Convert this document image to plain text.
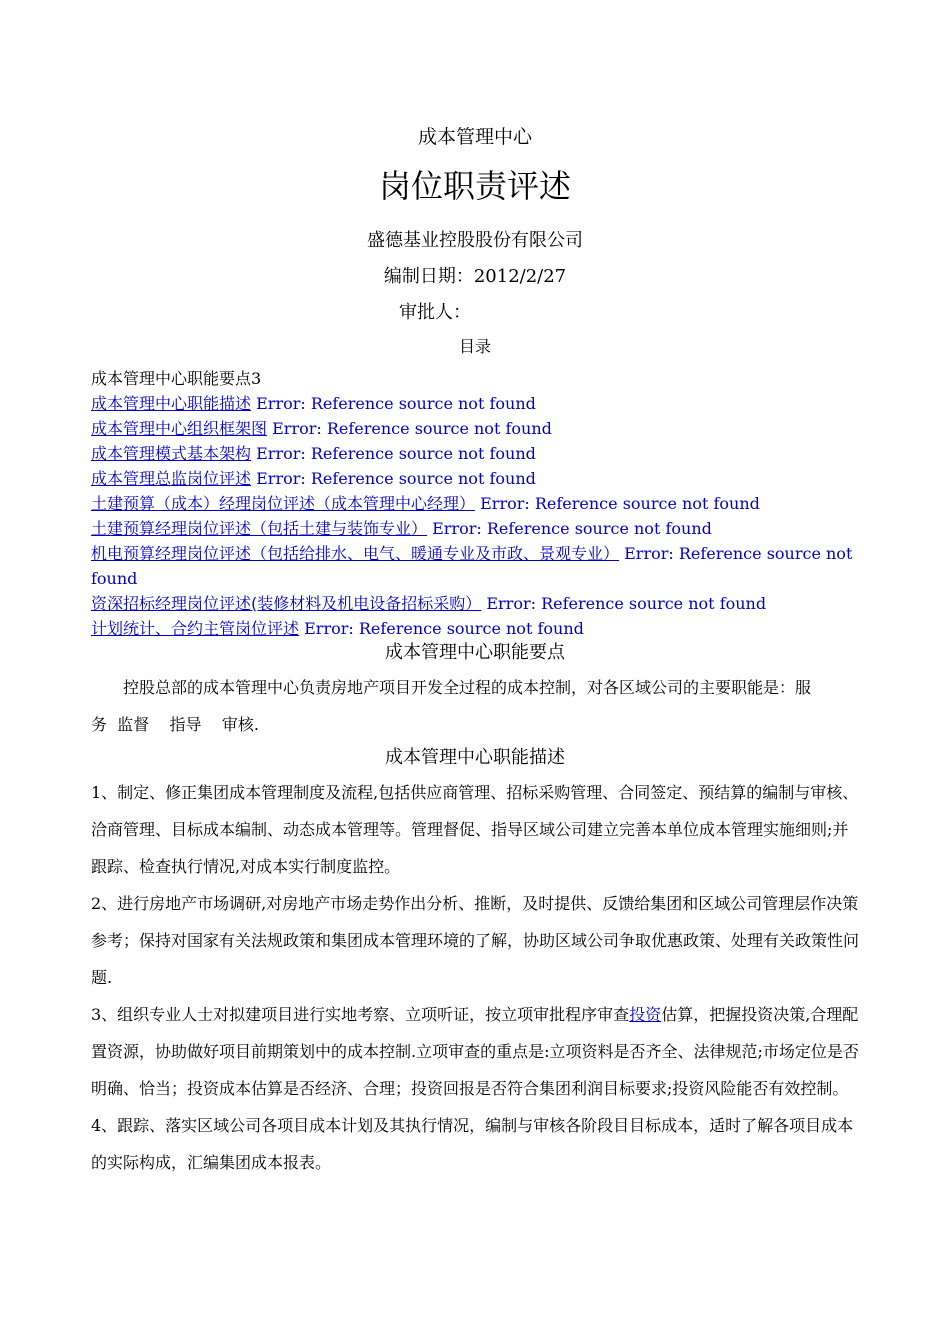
成本管理中心
岗位职责评述
盛德基业控股股份有限公司
编制日期：2012/2/27
审批人：
目录
成本管理中心职能要点3
成本管理中心职能描述 Error: Reference source not found
成本管理中心组织框架图 Error: Reference source not found
成本管理模式基本架构 Error: Reference source not found
成本管理总监岗位评述 Error: Reference source not found
土建预算（成本）经理岗位评述（成本管理中心经理） Error: Reference source not found
土建预算经理岗位评述（包括土建与装饰专业） Error: Reference source not found
机电预算经理岗位评述（包括给排水、电气、暖通专业及市政、景观专业） Error: Reference source not found
资深招标经理岗位评述(装修材料及机电设备招标采购） Error: Reference source not found
计划统计、合约主管岗位评述 Error: Reference source not found
成本管理中心职能要点

控股总部的成本管理中心负责房地产项目开发全过程的成本控制，对各区域公司的主要职能是：服

务  监督    指导    审核.

成本管理中心职能描述

1、制定、修正集团成本管理制度及流程,包括供应商管理、招标采购管理、合同签定、预结算的编制与审核、洽商管理、目标成本编制、动态成本管理等。管理督促、指导区域公司建立完善本单位成本管理实施细则;并跟踪、检查执行情况,对成本实行制度监控。

2、进行房地产市场调研,对房地产市场走势作出分析、推断，及时提供、反馈给集团和区域公司管理层作决策参考；保持对国家有关法规政策和集团成本管理环境的了解，协助区域公司争取优惠政策、处理有关政策性问题.

3、组织专业人士对拟建项目进行实地考察、立项听证，按立项审批程序审查投资估算，把握投资决策,合理配置资源，协助做好项目前期策划中的成本控制.立项审查的重点是:立项资料是否齐全、法律规范;市场定位是否明确、恰当；投资成本估算是否经济、合理；投资回报是否符合集团利润目标要求;投资风险能否有效控制。

4、跟踪、落实区域公司各项目成本计划及其执行情况，编制与审核各阶段目目标成本，适时了解各项目成本的实际构成，汇编集团成本报表。
